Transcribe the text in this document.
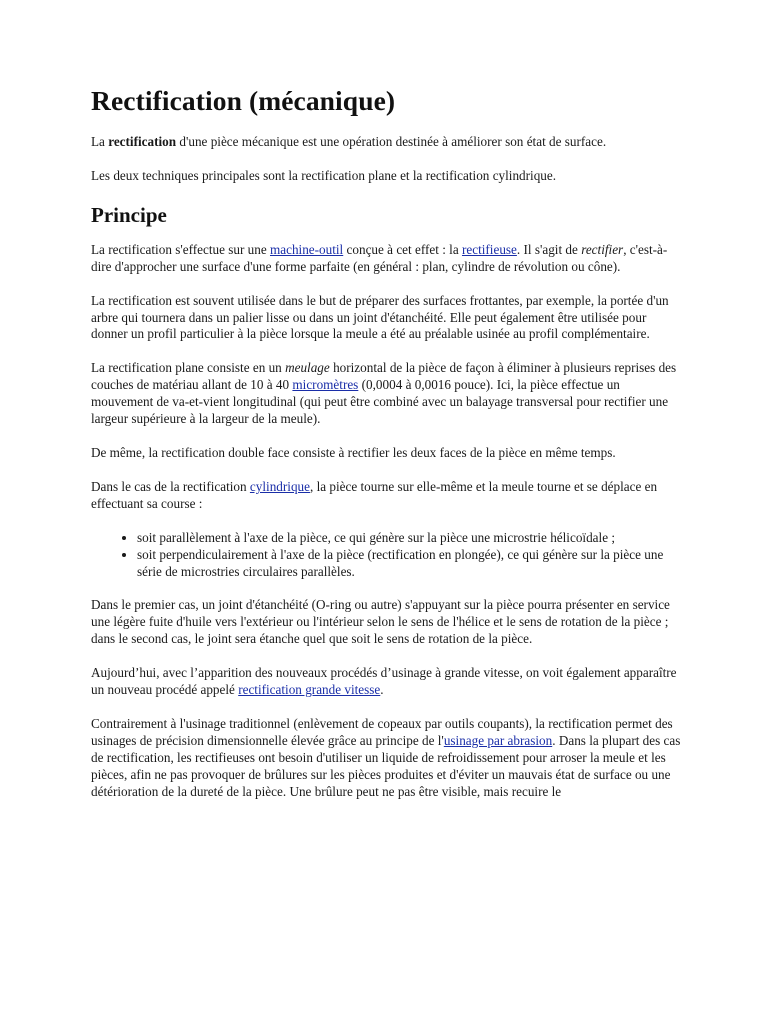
Rectification (mécanique)

La rectification d'une pièce mécanique est une opération destinée à améliorer son état de surface.

Les deux techniques principales sont la rectification plane et la rectification cylindrique.

Principe

La rectification s'effectue sur une machine-outil conçue à cet effet : la rectifieuse. Il s'agit de rectifier, c'est-à-dire d'approcher une surface d'une forme parfaite (en général : plan, cylindre de révolution ou cône).

La rectification est souvent utilisée dans le but de préparer des surfaces frottantes, par exemple, la portée d'un arbre qui tournera dans un palier lisse ou dans un joint d'étanchéité. Elle peut également être utilisée pour donner un profil particulier à la pièce lorsque la meule a été au préalable usinée au profil complémentaire.

La rectification plane consiste en un meulage horizontal de la pièce de façon à éliminer à plusieurs reprises des couches de matériau allant de 10 à 40 micromètres (0,0004 à 0,0016 pouce). Ici, la pièce effectue un mouvement de va-et-vient longitudinal (qui peut être combiné avec un balayage transversal pour rectifier une largeur supérieure à la largeur de la meule).

De même, la rectification double face consiste à rectifier les deux faces de la pièce en même temps.

Dans le cas de la rectification cylindrique, la pièce tourne sur elle-même et la meule tourne et se déplace en effectuant sa course :

• soit parallèlement à l'axe de la pièce, ce qui génère sur la pièce une microstrie hélicoïdale ;
• soit perpendiculairement à l'axe de la pièce (rectification en plongée), ce qui génère sur la pièce une série de microstries circulaires parallèles.

Dans le premier cas, un joint d'étanchéité (O-ring ou autre) s'appuyant sur la pièce pourra présenter en service une légère fuite d'huile vers l'extérieur ou l'intérieur selon le sens de l'hélice et le sens de rotation de la pièce ; dans le second cas, le joint sera étanche quel que soit le sens de rotation de la pièce.

Aujourd’hui, avec l’apparition des nouveaux procédés d’usinage à grande vitesse, on voit également apparaître un nouveau procédé appelé rectification grande vitesse.

Contrairement à l'usinage traditionnel (enlèvement de copeaux par outils coupants), la rectification permet des usinages de précision dimensionnelle élevée grâce au principe de l'usinage par abrasion. Dans la plupart des cas de rectification, les rectifieuses ont besoin d'utiliser un liquide de refroidissement pour arroser la meule et les pièces, afin ne pas provoquer de brûlures sur les pièces produites et d'éviter un mauvais état de surface ou une détérioration de la dureté de la pièce. Une brûlure peut ne pas être visible, mais recuire le
